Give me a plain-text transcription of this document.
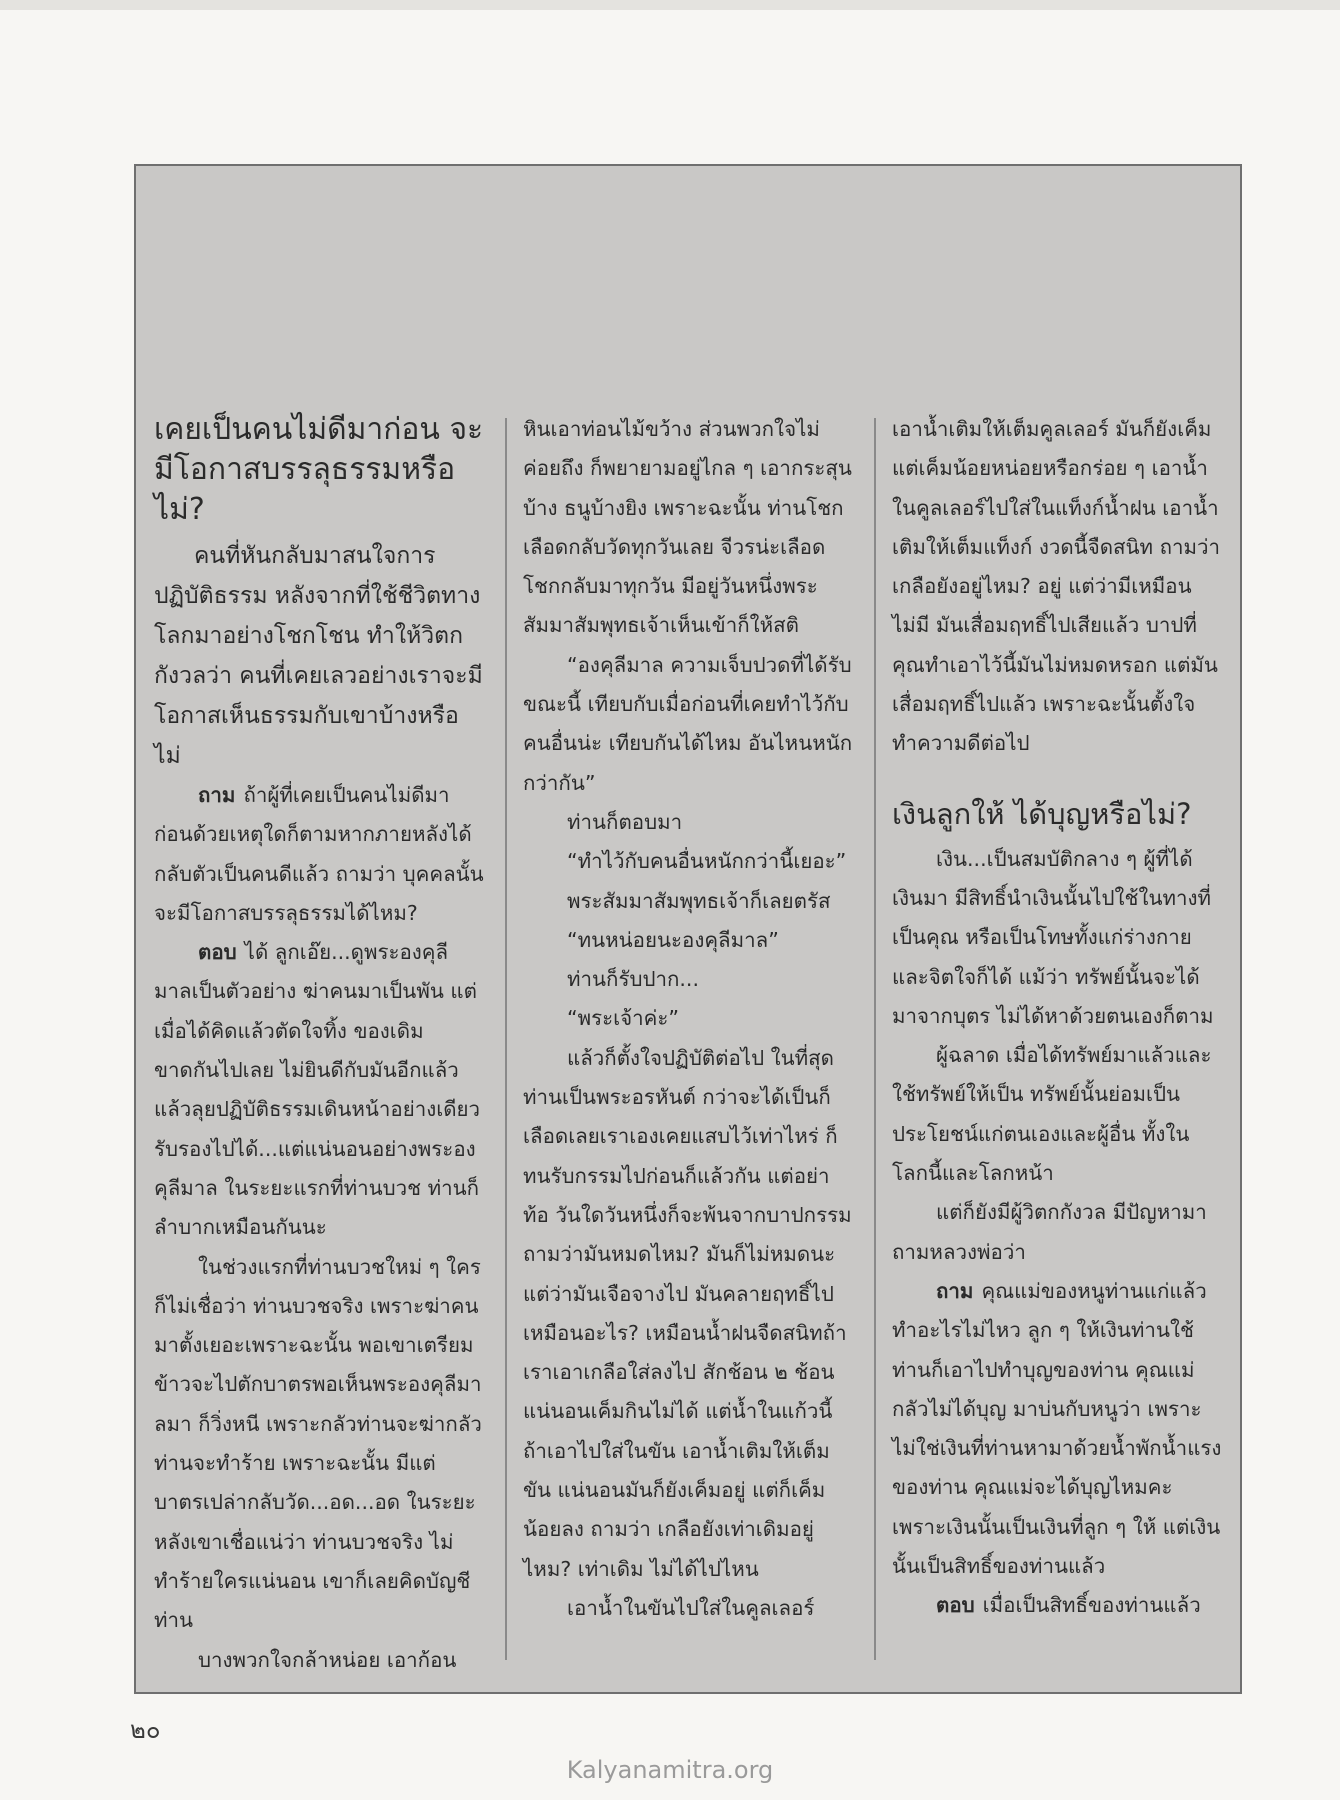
เคยเป็นคนไม่ดีมาก่อน จะมีโอกาสบรรลุธรรมหรือไม่?

คนที่หันกลับมาสนใจการปฏิบัติธรรม หลังจากที่ใช้ชีวิตทางโลกมาอย่างโชกโชน ทำให้วิตกกังวลว่า คนที่เคยเลวอย่างเราจะมีโอกาสเห็นธรรมกับเขาบ้างหรือไม่

ถาม ถ้าผู้ที่เคยเป็นคนไม่ดีมาก่อนด้วยเหตุใดก็ตามหากภายหลังได้กลับตัวเป็นคนดีแล้ว ถามว่า บุคคลนั้นจะมีโอกาสบรรลุธรรมได้ไหม?

ตอบ ได้ ลูกเอ๊ย...ดูพระองคุลีมาลเป็นตัวอย่าง ฆ่าคนมาเป็นพัน แต่เมื่อได้คิดแล้วตัดใจทิ้ง ของเดิม ขาดกันไปเลย ไม่ยินดีกับมันอีกแล้ว แล้วลุยปฏิบัติธรรมเดินหน้าอย่างเดียว รับรองไปได้...แต่แน่นอนอย่างพระองคุลีมาล ในระยะแรกที่ท่านบวช ท่านก็ลำบากเหมือนกันนะ

ในช่วงแรกที่ท่านบวชใหม่ ๆ ใครก็ไม่เชื่อว่า ท่านบวชจริง เพราะฆ่าคนมาตั้งเยอะเพราะฉะนั้น พอเขาเตรียมข้าวจะไปตักบาตรพอเห็นพระองคุลีมาลมา ก็วิ่งหนี เพราะกลัวท่านจะฆ่ากลัวท่านจะทำร้าย เพราะฉะนั้น มีแต่บาตรเปล่ากลับวัด...อด...อด ในระยะหลังเขาเชื่อแน่ว่า ท่านบวชจริง ไม่ทำร้ายใครแน่นอน เขาก็เลยคิดบัญชีท่าน

บางพวกใจกล้าหน่อย เอาก้อน

หินเอาท่อนไม้ขว้าง ส่วนพวกใจไม่ค่อยถึง ก็พยายามอยู่ไกล ๆ เอากระสุนบ้าง ธนูบ้างยิง เพราะฉะนั้น ท่านโชกเลือดกลับวัดทุกวันเลย จีวรน่ะเลือดโชกกลับมาทุกวัน มีอยู่วันหนึ่งพระสัมมาสัมพุทธเจ้าเห็นเข้าก็ให้สติ

“องคุลีมาล ความเจ็บปวดที่ได้รับขณะนี้ เทียบกับเมื่อก่อนที่เคยทำไว้กับคนอื่นน่ะ เทียบกันได้ไหม อันไหนหนักกว่ากัน”

ท่านก็ตอบมา

“ทำไว้กับคนอื่นหนักกว่านี้เยอะ”

พระสัมมาสัมพุทธเจ้าก็เลยตรัส

“ทนหน่อยนะองคุลีมาล”

ท่านก็รับปาก...

“พระเจ้าค่ะ”

แล้วก็ตั้งใจปฏิบัติต่อไป ในที่สุดท่านเป็นพระอรหันต์ กว่าจะได้เป็นก็เลือดเลยเราเองเคยแสบไว้เท่าไหร่ ก็ทนรับกรรมไปก่อนก็แล้วกัน แต่อย่าท้อ วันใดวันหนึ่งก็จะพ้นจากบาปกรรม ถามว่ามันหมดไหม? มันก็ไม่หมดนะ แต่ว่ามันเจือจางไป มันคลายฤทธิ์ไป เหมือนอะไร? เหมือนน้ำฝนจืดสนิทถ้าเราเอาเกลือใส่ลงไป สักช้อน ๒ ช้อน แน่นอนเค็มกินไม่ได้ แต่น้ำในแก้วนี้ ถ้าเอาไปใส่ในขัน เอาน้ำเติมให้เต็มขัน แน่นอนมันก็ยังเค็มอยู่ แต่ก็เค็มน้อยลง ถามว่า เกลือยังเท่าเดิมอยู่ไหม? เท่าเดิม ไม่ได้ไปไหน

เอาน้ำในขันไปใส่ในคูลเลอร์

เอาน้ำเติมให้เต็มคูลเลอร์ มันก็ยังเค็มแต่เค็มน้อยหน่อยหรือกร่อย ๆ เอาน้ำในคูลเลอร์ไปใส่ในแท็งก์น้ำฝน เอาน้ำเติมให้เต็มแท็งก์ งวดนี้จืดสนิท ถามว่า เกลือยังอยู่ไหม? อยู่ แต่ว่ามีเหมือนไม่มี มันเสื่อมฤทธิ์ไปเสียแล้ว บาปที่คุณทำเอาไว้นี้มันไม่หมดหรอก แต่มันเสื่อมฤทธิ์ไปแล้ว เพราะฉะนั้นตั้งใจทำความดีต่อไป

เงินลูกให้ ได้บุญหรือไม่?

เงิน...เป็นสมบัติกลาง ๆ ผู้ที่ได้เงินมา มีสิทธิ์นำเงินนั้นไปใช้ในทางที่เป็นคุณ หรือเป็นโทษทั้งแก่ร่างกายและจิตใจก็ได้ แม้ว่า ทรัพย์นั้นจะได้มาจากบุตร ไม่ได้หาด้วยตนเองก็ตาม

ผู้ฉลาด เมื่อได้ทรัพย์มาแล้วและใช้ทรัพย์ให้เป็น ทรัพย์นั้นย่อมเป็นประโยชน์แก่ตนเองและผู้อื่น ทั้งในโลกนี้และโลกหน้า

แต่ก็ยังมีผู้วิตกกังวล มีปัญหามาถามหลวงพ่อว่า

ถาม คุณแม่ของหนูท่านแก่แล้ว ทำอะไรไม่ไหว ลูก ๆ ให้เงินท่านใช้ ท่านก็เอาไปทำบุญของท่าน คุณแม่กลัวไม่ได้บุญ มาบ่นกับหนูว่า เพราะไม่ใช่เงินที่ท่านหามาด้วยน้ำพักน้ำแรงของท่าน คุณแม่จะได้บุญไหมคะ เพราะเงินนั้นเป็นเงินที่ลูก ๆ ให้ แต่เงินนั้นเป็นสิทธิ์ของท่านแล้ว

ตอบ เมื่อเป็นสิทธิ์ของท่านแล้ว

๒๐
Kalyanamitra.org
